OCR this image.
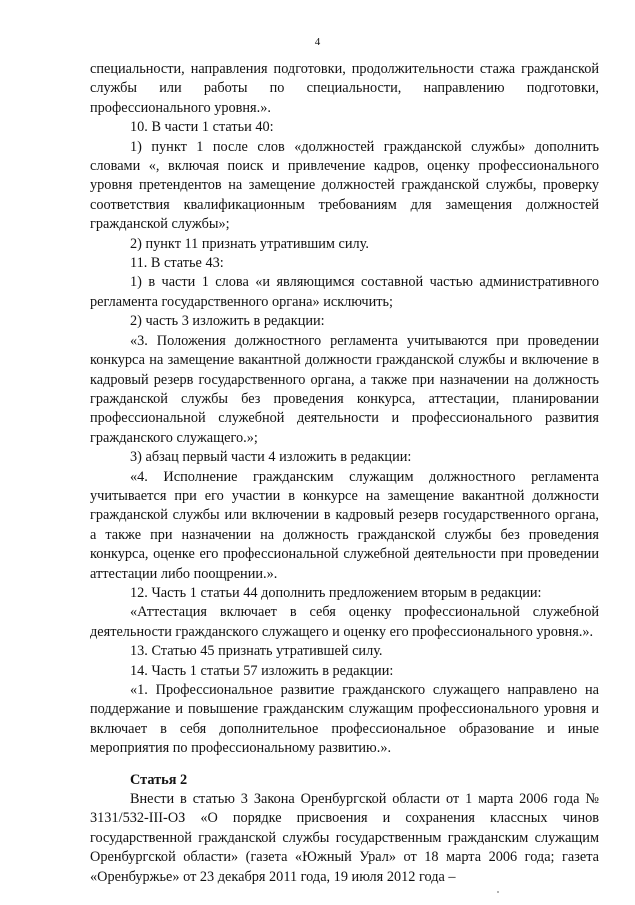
4

специальности, направления подготовки, продолжительности стажа гражданской службы или работы по специальности, направлению подготовки, профессионального уровня.».

10. В части 1 статьи 40:

1) пункт 1 после слов «должностей гражданской службы» дополнить словами «, включая поиск и привлечение кадров, оценку профессионального уровня претендентов на замещение должностей гражданской службы, проверку соответствия квалификационным требованиям для замещения должностей гражданской службы»;

2) пункт 11 признать утратившим силу.

11. В статье 43:

1) в части 1 слова «и являющимся составной частью административного регламента государственного органа» исключить;

2) часть 3 изложить в редакции:

«3. Положения должностного регламента учитываются при проведении конкурса на замещение вакантной должности гражданской службы и включение в кадровый резерв государственного органа, а также при назначении на должность гражданской службы без проведения конкурса, аттестации, планировании профессиональной служебной деятельности и профессионального развития гражданского служащего.»;

3) абзац первый части 4 изложить в редакции:

«4. Исполнение гражданским служащим должностного регламента учитывается при его участии в конкурсе на замещение вакантной должности гражданской службы или включении в кадровый резерв государственного органа, а также при назначении на должность гражданской службы без проведения конкурса, оценке его профессиональной служебной деятельности при проведении аттестации либо поощрении.».

12. Часть 1 статьи 44 дополнить предложением вторым в редакции:

«Аттестация включает в себя оценку профессиональной служебной деятельности гражданского служащего и оценку его профессионального уровня.».

13. Статью 45 признать утратившей силу.

14. Часть 1 статьи 57 изложить в редакции:

«1. Профессиональное развитие гражданского служащего направлено на поддержание и повышение гражданским служащим профессионального уровня и включает в себя дополнительное профессиональное образование и иные мероприятия по профессиональному развитию.».

Статья 2

Внести в статью 3 Закона Оренбургской области от 1 марта 2006 года № 3131/532-III-ОЗ «О порядке присвоения и сохранения классных чинов государственной гражданской службы государственным гражданским служащим Оренбургской области» (газета «Южный Урал» от 18 марта 2006 года; газета «Оренбуржье» от 23 декабря 2011 года, 19 июля 2012 года –
